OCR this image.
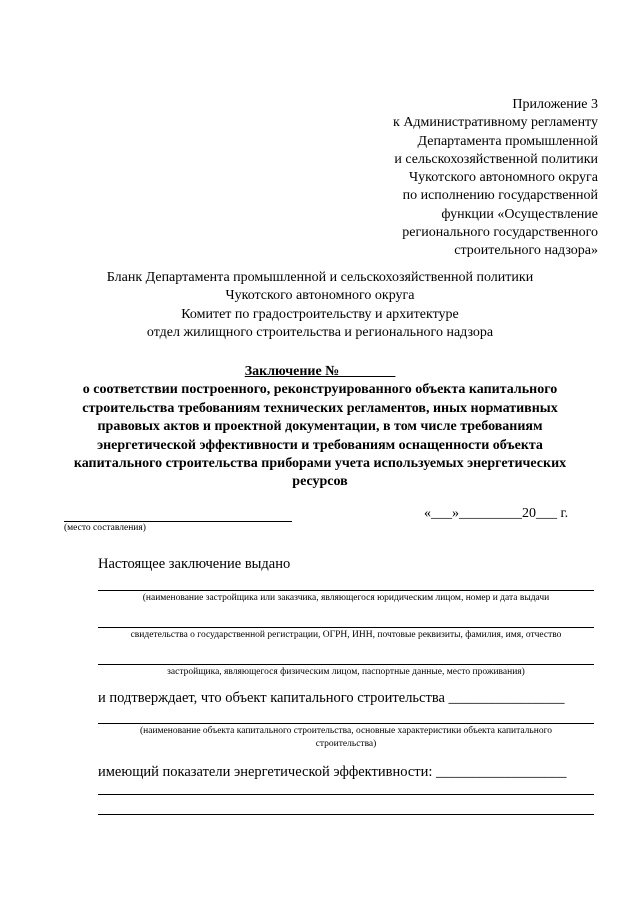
Приложение 3
к Административному регламенту
Департамента промышленной
и сельскохозяйственной политики
Чукотского автономного округа
по исполнению государственной
функции «Осуществление
регионального государственного
строительного надзора»
Бланк Департамента промышленной и сельскохозяйственной политики
Чукотского автономного округа
Комитет по градостроительству и архитектуре
отдел жилищного строительства и регионального надзора
Заключение №________
о соответствии построенного, реконструированного объекта капитального
строительства требованиям технических регламентов, иных нормативных
правовых актов и проектной документации, в том числе требованиям
энергетической эффективности и требованиям оснащенности объекта
капитального строительства приборами учета используемых энергетических
ресурсов
(место составления)
«___»_________20___ г.
Настоящее заключение выдано
(наименование застройщика или заказчика, являющегося юридическим лицом, номер и дата выдачи
свидетельства о государственной регистрации, ОГРН, ИНН, почтовые реквизиты, фамилия, имя, отчество
застройщика, являющегося физическим лицом, паспортные данные, место проживания)
и подтверждает, что объект капитального строительства ________________
(наименование объекта капитального строительства, основные характеристики объекта капитального
строительства)
имеющий показатели энергетической эффективности: __________________
